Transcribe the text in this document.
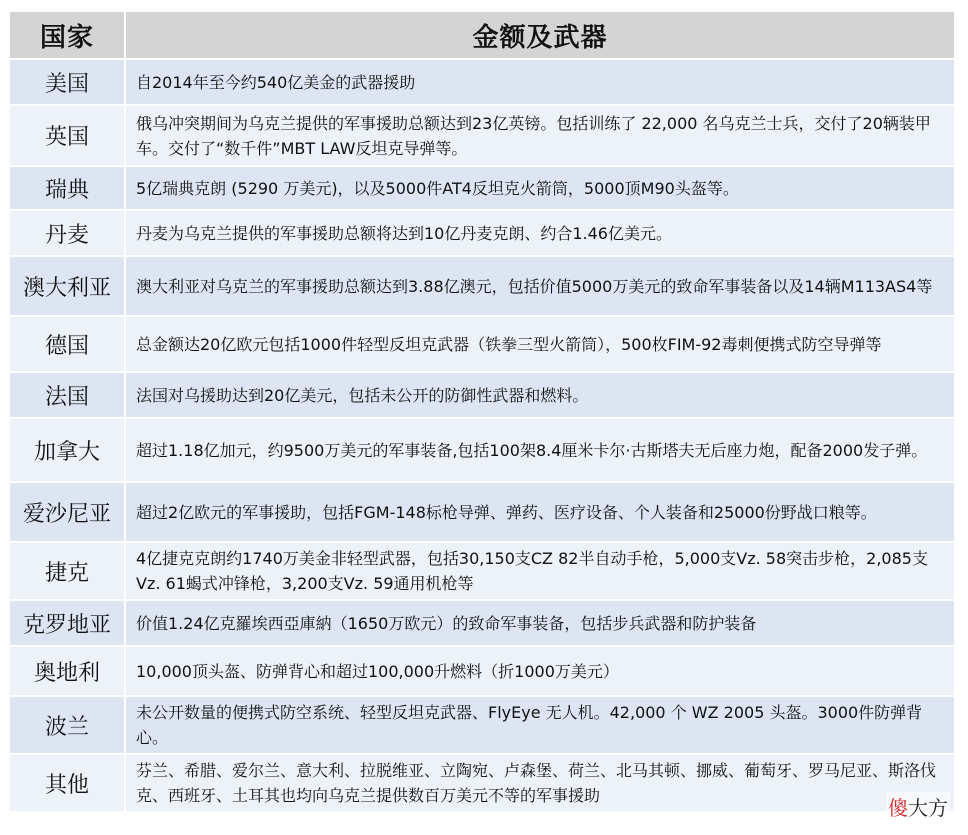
国家	金额及武器
美国	自2014年至今约540亿美金的武器援助
英国	俄乌冲突期间为乌克兰提供的军事援助总额达到23亿英镑。包括训练了 22,000 名乌克兰士兵，交付了20辆装甲车。交付了“数千件”MBT LAW反坦克导弹等。
瑞典	5亿瑞典克朗 (5290 万美元)，以及5000件AT4反坦克火箭筒，5000顶M90头盔等。
丹麦	丹麦为乌克兰提供的军事援助总额将达到10亿丹麦克朗、约合1.46亿美元。
澳大利亚	澳大利亚对乌克兰的军事援助总额达到3.88亿澳元，包括价值5000万美元的致命军事装备以及14辆M113AS4等
德国	总金额达20亿欧元包括1000件轻型反坦克武器（铁拳三型火箭筒），500枚FIM-92毒刺便携式防空导弹等
法国	法国对乌援助达到20亿美元，包括未公开的防御性武器和燃料。
加拿大	超过1.18亿加元，约9500万美元的军事装备,包括100架8.4厘米卡尔·古斯塔夫无后座力炮，配备2000发子弹。
爱沙尼亚	超过2亿欧元的军事援助，包括FGM-148标枪导弹、弹药、医疗设备、个人装备和25000份野战口粮等。
捷克	4亿捷克克朗约1740万美金非轻型武器，包括30,150支CZ 82半自动手枪，5,000支Vz. 58突击步枪，2,085支Vz. 61蝎式冲锋枪，3,200支Vz. 59通用机枪等
克罗地亚	价值1.24亿克羅埃西亞庫納（1650万欧元）的致命军事装备，包括步兵武器和防护装备
奥地利	10,000顶头盔、防弹背心和超过100,000升燃料（折1000万美元）
波兰	未公开数量的便携式防空系统、轻型反坦克武器、FlyEye 无人机。42,000 个 WZ 2005 头盔。3000件防弹背心。
其他	芬兰、希腊、爱尔兰、意大利、拉脱维亚、立陶宛、卢森堡、荷兰、北马其顿、挪威、葡萄牙、罗马尼亚、斯洛伐克、西班牙、土耳其也均向乌克兰提供数百万美元不等的军事援助
傻大方
